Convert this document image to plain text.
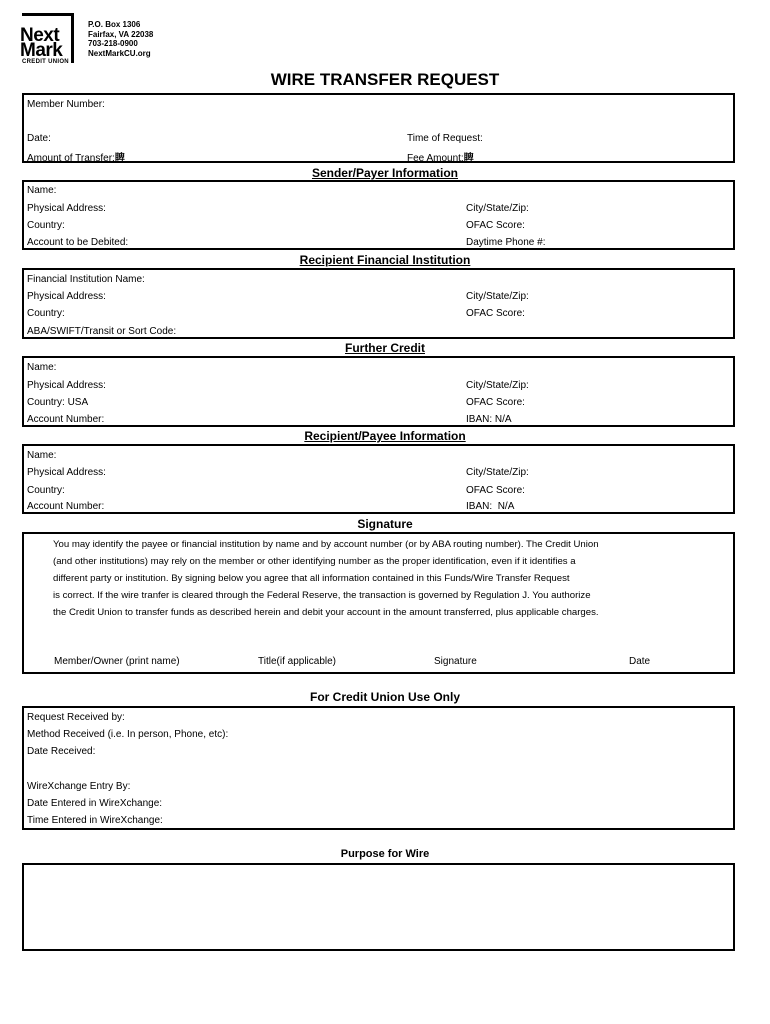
Next
Mark
CREDIT UNION
P.O. Box 1306
Fairfax, VA 22038
703-218-0900
NextMarkCU.org
WIRE TRANSFER REQUEST
Member Number:
Date:	Time of Request:
Amount of Transfer:睥	Fee Amount:睥
Sender/Payer Information
Name:
Physical Address:	City/State/Zip:
Country:	OFAC Score:
Account to be Debited:	Daytime Phone #:
Recipient Financial Institution
Financial Institution Name:
Physical Address:	City/State/Zip:
Country:	OFAC Score:
ABA/SWIFT/Transit or Sort Code:
Further Credit
Name:
Physical Address:	City/State/Zip:
Country: USA	OFAC Score:
Account Number:	IBAN: N/A
Recipient/Payee Information
Name:
Physical Address:	City/State/Zip:
Country:	OFAC Score:
Account Number:	IBAN: N/A
Signature
You may identify the payee or financial institution by name and by account number (or by ABA routing number). The Credit Union
(and other institutions) may rely on the member or other identifying number as the proper identification, even if it identifies a
different party or institution. By signing below you agree that all information contained in this Funds/Wire Transfer Request
is correct. If the wire tranfer is cleared through the Federal Reserve, the transaction is governed by Regulation J. You authorize
the Credit Union to transfer funds as described herein and debit your account in the amount transferred, plus applicable charges.
Member/Owner (print name)	Title(if applicable)	Signature	Date
For Credit Union Use Only
Request Received by:
Method Received (i.e. In person, Phone, etc):
Date Received:
WireXchange Entry By:
Date Entered in WireXchange:
Time Entered in WireXchange:
Purpose for Wire
